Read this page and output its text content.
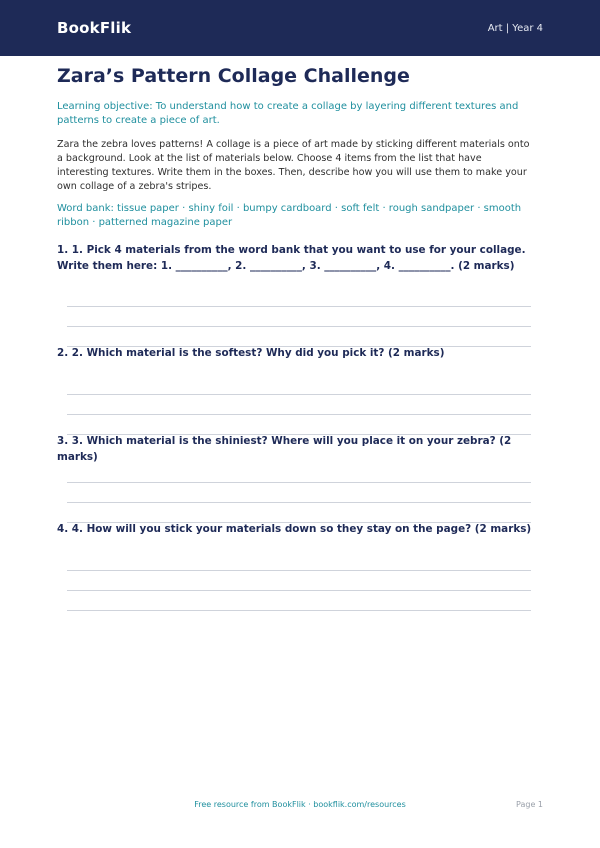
BookFlik	Art | Year 4
Zara’s Pattern Collage Challenge
Learning objective: To understand how to create a collage by layering different textures and patterns to create a piece of art.
Zara the zebra loves patterns! A collage is a piece of art made by sticking different materials onto a background. Look at the list of materials below. Choose 4 items from the list that have interesting textures. Write them in the boxes. Then, describe how you will use them to make your own collage of a zebra's stripes.
Word bank: tissue paper · shiny foil · bumpy cardboard · soft felt · rough sandpaper · smooth ribbon · patterned magazine paper
1. 1. Pick 4 materials from the word bank that you want to use for your collage. Write them here: 1. __________, 2. __________, 3. __________, 4. __________. (2 marks)
2. 2. Which material is the softest? Why did you pick it? (2 marks)
3. 3. Which material is the shiniest? Where will you place it on your zebra? (2 marks)
4. 4. How will you stick your materials down so they stay on the page? (2 marks)
Free resource from BookFlik · bookflik.com/resources	Page 1
